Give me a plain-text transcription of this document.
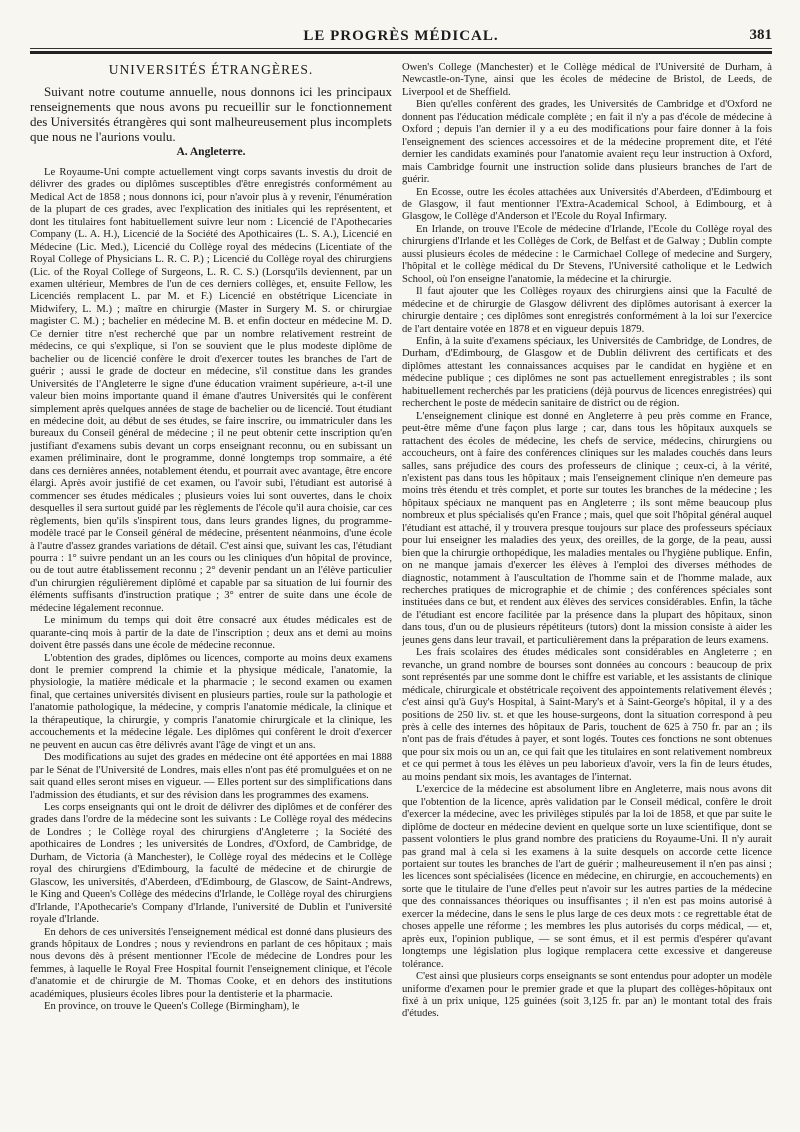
LE PROGRÈS MÉDICAL.	381
UNIVERSITÉS ÉTRANGÈRES.

Suivant notre coutume annuelle, nous donnons ici les principaux renseignements que nous avons pu recueillir sur le fonctionnement des Universités étrangères qui sont malheureusement plus incomplets que nous ne l'aurions voulu.

A. Angleterre.

Le Royaume-Uni compte actuellement vingt corps savants investis du droit de délivrer des grades ou diplômes susceptibles d'être enregistrés conformément au Medical Act de 1858 ; nous donnons ici, pour n'avoir plus à y revenir, l'énumération de la plupart de ces grades, avec l'explication des initiales qui les représentent, et dont les titulaires font habituellement suivre leur nom : Licencié de l'Apothecaries Company (L. A. H.), Licencié de la Société des Apothicaires (L. S. A.), Licencié en Médecine (Lic. Med.), Licencié du Collège royal des médecins (Licentiate of the Royal College of Physicians L. R. C. P.) ; Licencié du Collège royal des chirurgiens (Lic. of the Royal College of Surgeons, L. R. C. S.) (Lorsqu'ils deviennent, par un examen ultérieur, Membres de l'un de ces derniers collèges, et, ensuite Fellow, les Licenciés remplacent L. par M. et F.) Licencié en obstétrique Licenciate in Midwifery, L. M.) ; maître en chirurgie (Master in Surgery M. S. or chirurgiae magister C. M.) ; bachelier en médecine M. B. et enfin docteur en médecine M. D. Ce dernier titre n'est recherché que par un nombre relativement restreint de médecins, ce qui s'explique, si l'on se souvient que le plus modeste diplôme de bachelier ou de licencié confère le droit d'exercer toutes les branches de l'art de guérir ; aussi le grade de docteur en médecine, s'il constitue dans les grandes Universités de l'Angleterre le signe d'une éducation vraiment supérieure, a-t-il une valeur bien moins importante quand il émane d'autres Universités qui le confèrent simplement après quelques années de stage de bachelier ou de licencié. Tout étudiant en médecine doit, au début de ses études, se faire inscrire, ou immatriculer dans les bureaux du Conseil général de médecine ; il ne peut obtenir cette inscription qu'en justifiant d'examens subis devant un corps enseignant reconnu, ou en subissant un examen préliminaire, dont le programme, donné longtemps trop sommaire, a été dans ces dernières années, notablement étendu, et pourrait avec avantage, être encore élargi. Après avoir justifié de cet examen, ou l'avoir subi, l'étudiant est autorisé à commencer ses études médicales ; plusieurs voies lui sont ouvertes, dans le choix desquelles il sera surtout guidé par les règlements de l'école qu'il aura choisie, car ces règlements, bien qu'ils s'inspirent tous, dans leurs grandes lignes, du programme-modèle tracé par le Conseil général de médecine, présentent néanmoins, d'une école à l'autre d'assez grandes variations de détail. C'est ainsi que, suivant les cas, l'étudiant pourra : 1° suivre pendant un an les cours ou les cliniques d'un hôpital de province, ou de tout autre établissement reconnu ; 2° devenir pendant un an l'élève particulier d'un chirurgien régulièrement diplômé et capable par sa situation de lui fournir des éléments suffisants d'instruction pratique ; 3° entrer de suite dans une école de médecine légalement reconnue.

Le minimum du temps qui doit être consacré aux études médicales est de quarante-cinq mois à partir de la date de l'inscription ; deux ans et demi au moins doivent être passés dans une école de médecine reconnue.

L'obtention des grades, diplômes ou licences, comporte au moins deux examens dont le premier comprend la chimie et la physique médicale, l'anatomie, la physiologie, la matière médicale et la pharmacie ; le second examen ou examen final, que certaines universités divisent en plusieurs parties, roule sur la pathologie et l'anatomie pathologique, la médecine, y compris l'anatomie médicale, la clinique et la thérapeutique, la chirurgie, y compris l'anatomie chirurgicale et la clinique, les accouchements et la médecine légale. Les diplômes qui confèrent le droit d'exercer ne peuvent en aucun cas être délivrés avant l'âge de vingt et un ans.

Des modifications au sujet des grades en médecine ont été apportées en mai 1888 par le Sénat de l'Université de Londres, mais elles n'ont pas été promulguées et on ne sait quand elles seront mises en vigueur. — Elles portent sur des simplifications dans l'admission des étudiants, et sur des révision dans les programmes des examens.

Les corps enseignants qui ont le droit de délivrer des diplômes et de conférer des grades dans l'ordre de la médecine sont les suivants : Le Collège royal des médecins de Londres ; le Collège royal des chirurgiens d'Angleterre ; la Société des apothicaires de Londres ; les universités de Londres, d'Oxford, de Cambridge, de Durham, de Victoria (à Manchester), le Collège royal des médecins et le Collège royal des chirurgiens d'Edimbourg, la faculté de médecine et de chirurgie de Glascow, les universités, d'Aberdeen, d'Edimbourg, de Glascow, de Saint-Andrews, le King and Queen's Collège des médecins d'Irlande, le Collège royal des chirurgiens d'Irlande, l'Apothecarie's Company d'Irlande, l'université de Dublin et l'université royale d'Irlande.

En dehors de ces universités l'enseignement médical est donné dans plusieurs des grands hôpitaux de Londres ; nous y reviendrons en parlant de ces hôpitaux ; mais nous devons dès à présent mentionner l'Ecole de médecine de Londres pour les femmes, à laquelle le Royal Free Hospital fournit l'enseignement clinique, et l'école d'anatomie et de chirurgie de M. Thomas Cooke, et en dehors des institutions académiques, plusieurs écoles libres pour la dentisterie et la pharmacie.

En province, on trouve le Queen's College (Birmingham), le

Owen's College (Manchester) et le Collège médical de l'Université de Durham, à Newcastle-on-Tyne, ainsi que les écoles de médecine de Bristol, de Leeds, de Liverpool et de Sheffield.

Bien qu'elles confèrent des grades, les Universités de Cambridge et d'Oxford ne donnent pas l'éducation médicale complète ; en fait il n'y a pas d'école de médecine à Oxford ; depuis l'an dernier il y a eu des modifications pour faire donner à la fois l'enseignement des sciences accessoires et de la médecine proprement dite, et l'été dernier les candidats examinés pour l'anatomie avaient reçu leur instruction à Oxford, mais Cambridge fournit une instruction solide dans plusieurs branches de l'art de guérir.

En Ecosse, outre les écoles attachées aux Universités d'Aberdeen, d'Edimbourg et de Glasgow, il faut mentionner l'Extra-Academical School, à Edimbourg, et à Glasgow, le Collège d'Anderson et l'Ecole du Royal Infirmary.

En Irlande, on trouve l'Ecole de médecine d'Irlande, l'Ecole du Collège royal des chirurgiens d'Irlande et les Collèges de Cork, de Belfast et de Galway ; Dublin compte aussi plusieurs écoles de médecine : le Carmichael College of medecine and Surgery, l'hôpital et le collège médical du Dr Stevens, l'Université catholique et le Ledwich School, où l'on enseigne l'anatomie, la médecine et la chirurgie.

Il faut ajouter que les Collèges royaux des chirurgiens ainsi que la Faculté de médecine et de chirurgie de Glasgow délivrent des diplômes autorisant à exercer la chirurgie dentaire ; ces diplômes sont enregistrés conformément à la loi sur l'exercice de l'art dentaire votée en 1878 et en vigueur depuis 1879.

Enfin, à la suite d'examens spéciaux, les Universités de Cambridge, de Londres, de Durham, d'Edimbourg, de Glasgow et de Dublin délivrent des certificats et des diplômes attestant les connaissances acquises par le candidat en hygiène et en médecine publique ; ces diplômes ne sont pas actuellement enregistrables ; ils sont habituellement recherchés par les praticiens (déjà pourvus de licences enregistrées) qui recherchent le poste de médecin sanitaire de district ou de région.

L'enseignement clinique est donné en Angleterre à peu près comme en France, peut-être même d'une façon plus large ; car, dans tous les hôpitaux auxquels se rattachent des écoles de médecine, les chefs de service, médecins, chirurgiens ou accoucheurs, ont à faire des conférences cliniques sur les malades couchés dans leurs salles, sans préjudice des cours des professeurs de clinique ; ceux-ci, à la vérité, n'existent pas dans tous les hôpitaux ; mais l'enseignement clinique n'en demeure pas moins très étendu et très complet, et porte sur toutes les branches de la médecine ; les hôpitaux spéciaux ne manquent pas en Angleterre ; ils sont même beaucoup plus nombreux et plus spécialisés qu'en France ; mais, quel que soit l'hôpital général auquel l'étudiant est attaché, il y trouvera presque toujours sur place des professeurs spéciaux pour lui enseigner les maladies des yeux, des oreilles, de la gorge, de la peau, aussi bien que la chirurgie orthopédique, les maladies mentales ou l'hygiène publique. Enfin, on ne manque jamais d'exercer les élèves à l'emploi des diverses méthodes de diagnostic, notamment à l'auscultation de l'homme sain et de l'homme malade, aux recherches pratiques de micrographie et de chimie ; des conférences spéciales sont instituées dans ce but, et rendent aux élèves des services considérables. Enfin, la tâche de l'étudiant est encore facilitée par la présence dans la plupart des hôpitaux, sinon dans tous, d'un ou de plusieurs répétiteurs (tutors) dont la mission consiste à aider les jeunes gens dans leur travail, et particulièrement dans la préparation de leurs examens.

Les frais scolaires des études médicales sont considérables en Angleterre ; en revanche, un grand nombre de bourses sont données au concours : beaucoup de prix sont représentés par une somme dont le chiffre est variable, et les assistants de clinique médicale, chirurgicale et obstétricale reçoivent des appointements relativement élevés ; c'est ainsi qu'à Guy's Hospital, à Saint-Mary's et à Saint-George's hôpital, il y a des positions de 250 liv. st. et que les house-surgeons, dont la situation correspond à peu près à celle des internes des hôpitaux de Paris, touchent de 625 à 750 fr. par an ; ils n'ont pas de frais d'études à payer, et sont logés. Toutes ces fonctions ne sont obtenues que pour six mois ou un an, ce qui fait que les titulaires en sont relativement nombreux et ce qui permet à tous les élèves un peu laborieux d'avoir, vers la fin de leurs études, au moins pendant six mois, les avantages de l'internat.

L'exercice de la médecine est absolument libre en Angleterre, mais nous avons dit que l'obtention de la licence, après validation par le Conseil médical, confère le droit d'exercer la médecine, avec les privilèges stipulés par la loi de 1858, et que par suite le diplôme de docteur en médecine devient en quelque sorte un luxe scientifique, dont se passent volontiers le plus grand nombre des praticiens du Royaume-Uni. Il n'y aurait pas grand mal à cela si les examens à la suite desquels on accorde cette licence portaient sur toutes les branches de l'art de guérir ; malheureusement il n'en pas ainsi ; les licences sont spécialisées (licence en médecine, en chirurgie, en accouchements) en sorte que le titulaire de l'une d'elles peut n'avoir sur les autres parties de la médecine que des connaissances théoriques ou insuffisantes ; il n'en est pas moins autorisé à exercer la médecine, dans le sens le plus large de ces deux mots : ce regrettable état de choses appelle une réforme ; les membres les plus autorisés du corps médical, — et, après eux, l'opinion publique, — se sont émus, et il est permis d'espérer qu'avant longtemps une législation plus logique remplacera cette excessive et dangereuse tolérance.

C'est ainsi que plusieurs corps enseignants se sont entendus pour adopter un modèle uniforme d'examen pour le premier grade et que la plupart des collèges-hôpitaux ont fixé à un prix unique, 125 guinées (soit 3,125 fr. par an) le montant total des frais d'études.
